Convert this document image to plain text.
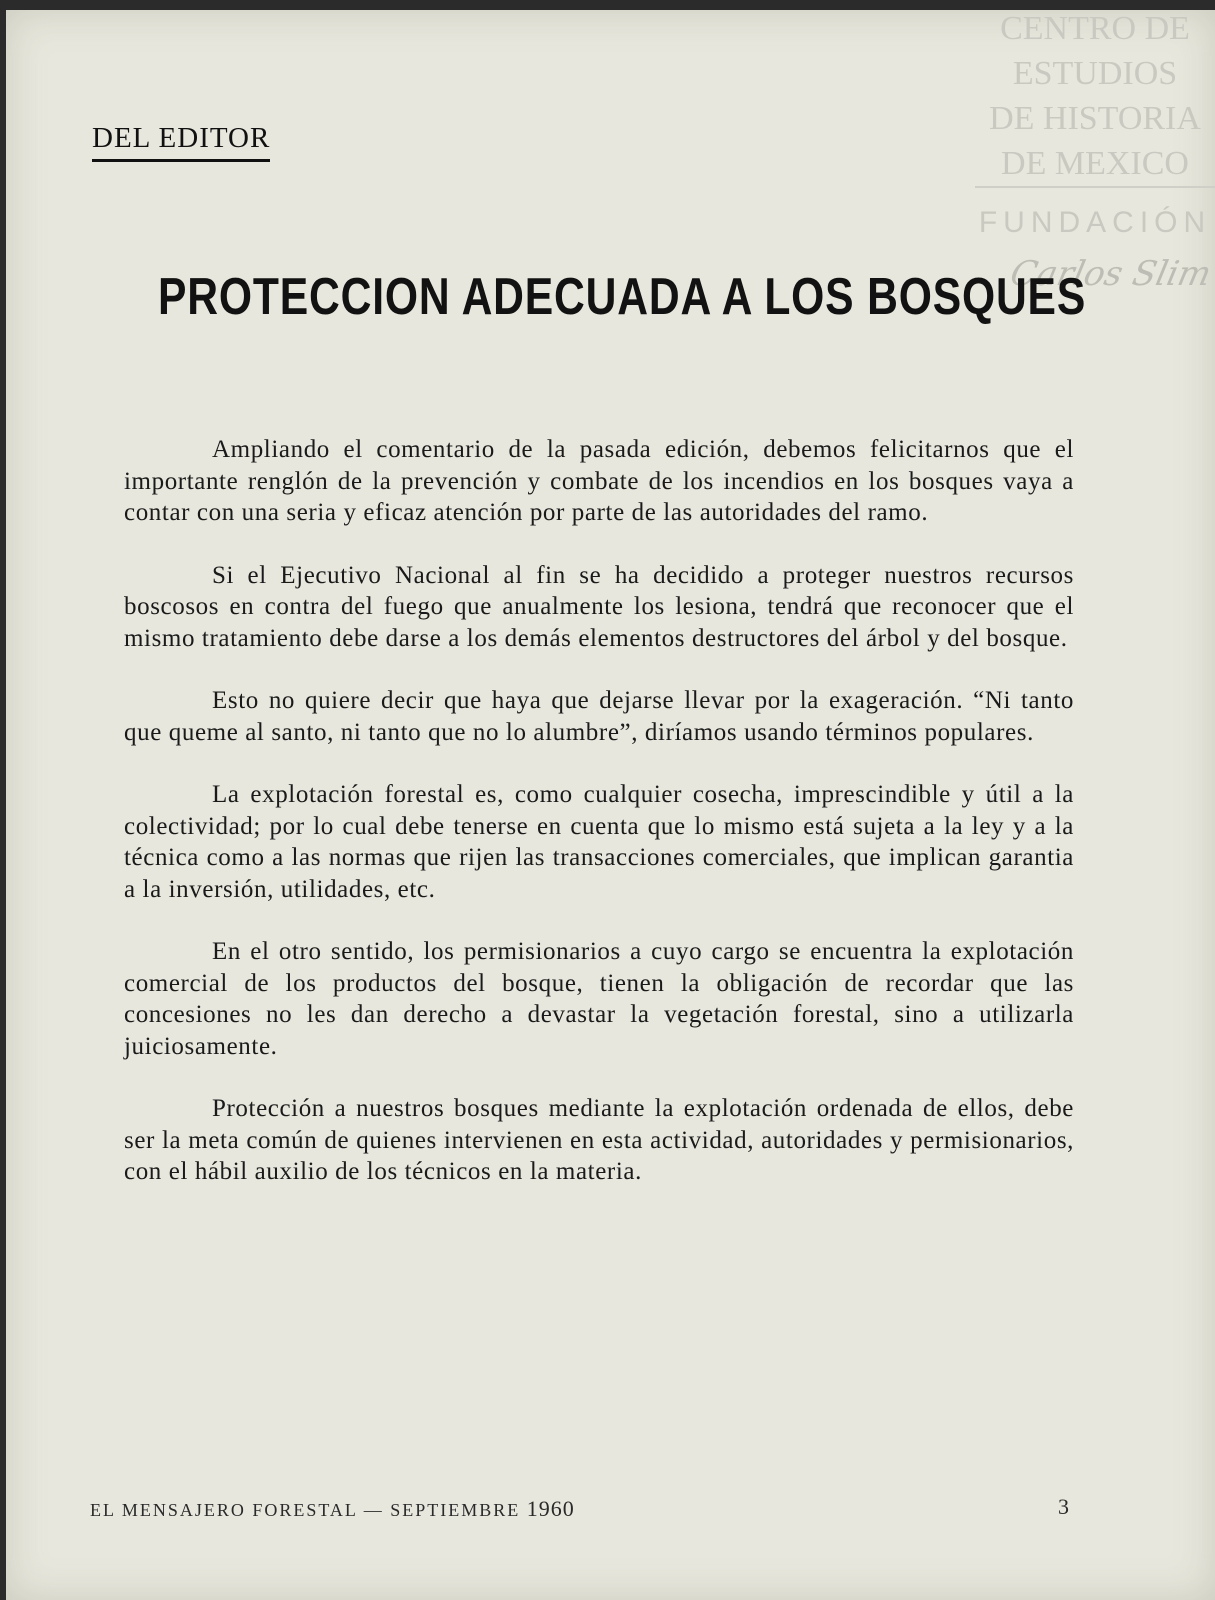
CENTRO DE
ESTUDIOS
DE HISTORIA
DE MEXICO
FUNDACIÓN
Carlos Slim
DEL EDITOR
PROTECCION ADECUADA A LOS BOSQUES

Ampliando el comentario de la pasada edición, debemos felicitarnos que el importante renglón de la prevención y combate de los incendios en los bosques vaya a contar con una seria y eficaz atención por parte de las autoridades del ramo.

Si el Ejecutivo Nacional al fin se ha decidido a proteger nuestros recursos boscosos en contra del fuego que anualmente los lesiona, tendrá que reconocer que el mismo tratamiento debe darse a los demás elementos destructores del árbol y del bosque.

Esto no quiere decir que haya que dejarse llevar por la exageración. “Ni tanto que queme al santo, ni tanto que no lo alumbre”, diríamos usando términos populares.

La explotación forestal es, como cualquier cosecha, imprescindible y útil a la colectividad; por lo cual debe tenerse en cuenta que lo mismo está sujeta a la ley y a la técnica como a las normas que rijen las transacciones comerciales, que implican garantia a la inversión, utilidades, etc.

En el otro sentido, los permisionarios a cuyo cargo se encuentra la explotación comercial de los productos del bosque, tienen la obligación de recordar que las concesiones no les dan derecho a devastar la vegetación forestal, sino a utilizarla juiciosamente.

Protección a nuestros bosques mediante la explotación ordenada de ellos, debe ser la meta común de quienes intervienen en esta actividad, autoridades y permisionarios, con el hábil auxilio de los técnicos en la materia.

EL MENSAJERO FORESTAL — SEPTIEMBRE 1960	3
